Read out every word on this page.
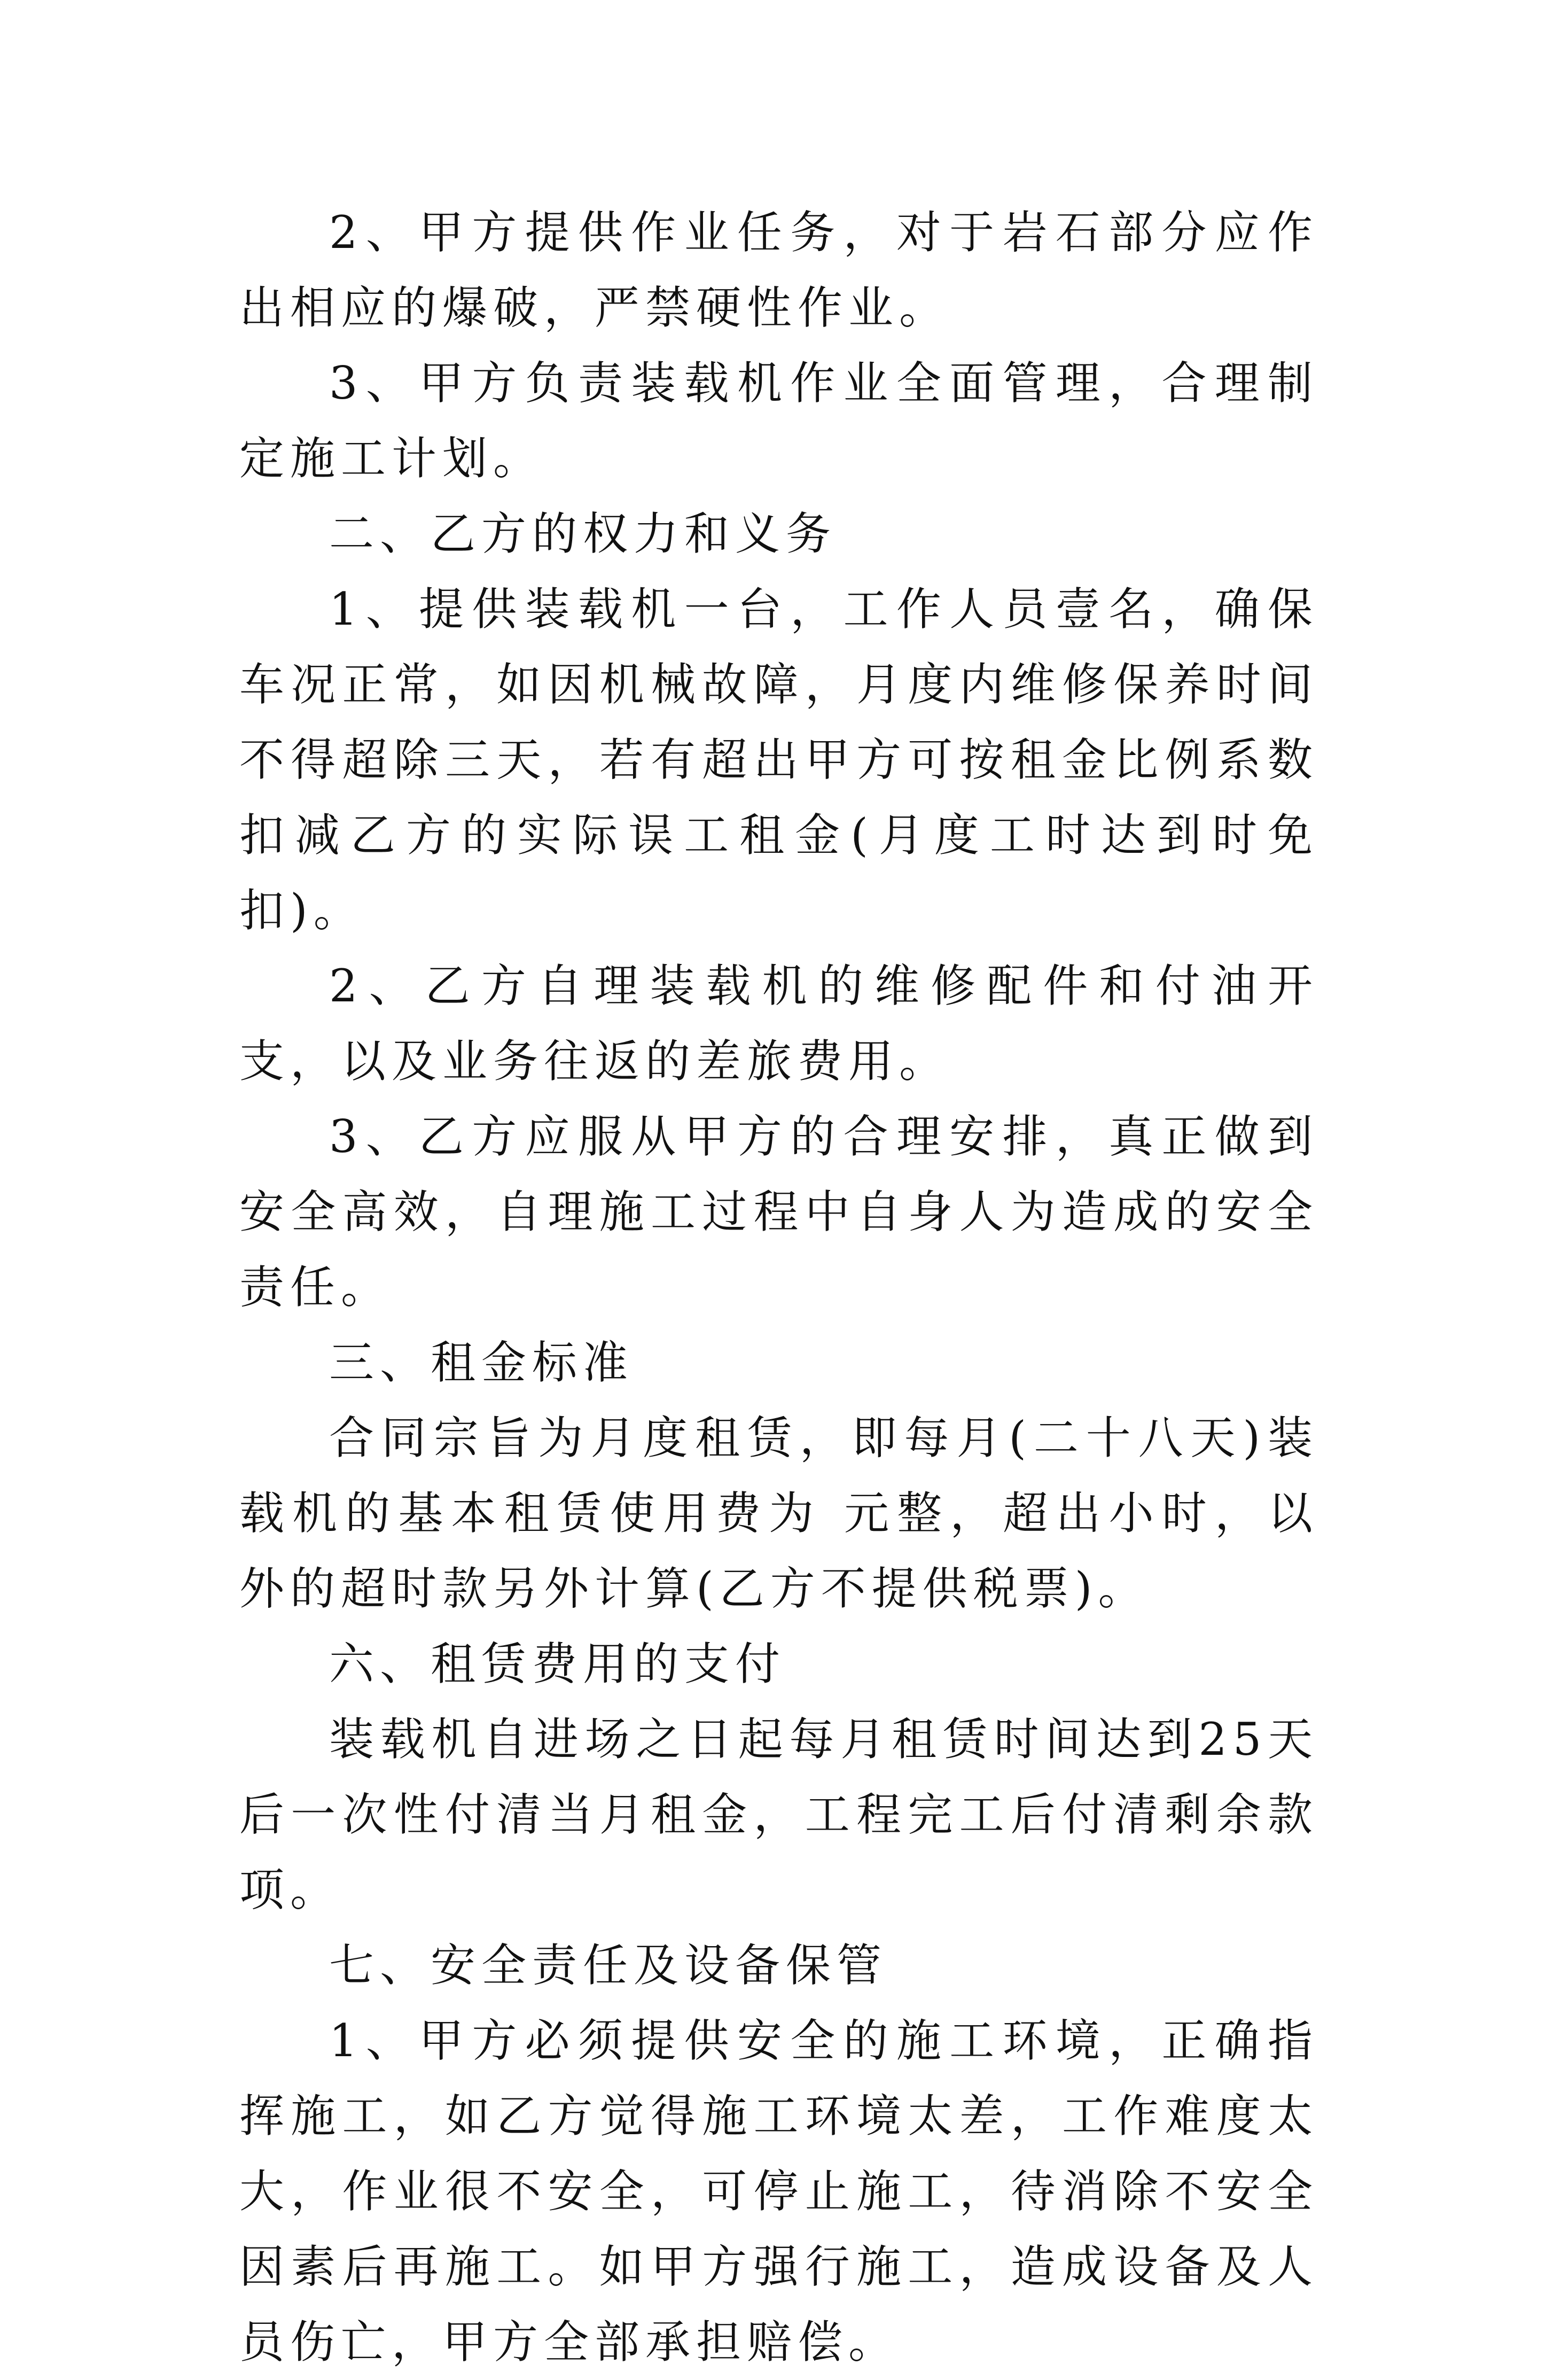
2、甲方提供作业任务，对于岩石部分应作出相应的爆破，严禁硬性作业。

3、甲方负责装载机作业全面管理，合理制定施工计划。

二、乙方的权力和义务

1、提供装载机一台，工作人员壹名，确保车况正常，如因机械故障，月度内维修保养时间不得超除三天，若有超出甲方可按租金比例系数扣减乙方的实际误工租金(月度工时达到时免扣)。

2、乙方自理装载机的维修配件和付油开支，以及业务往返的差旅费用。

3、乙方应服从甲方的合理安排，真正做到安全高效，自理施工过程中自身人为造成的安全责任。

三、租金标准

合同宗旨为月度租赁，即每月(二十八天)装载机的基本租赁使用费为 元整，超出小时，以外的超时款另外计算(乙方不提供税票)。

六、租赁费用的支付

装载机自进场之日起每月租赁时间达到25天后一次性付清当月租金，工程完工后付清剩余款项。

七、安全责任及设备保管

1、甲方必须提供安全的施工环境，正确指挥施工，如乙方觉得施工环境太差，工作难度太大，作业很不安全，可停止施工，待消除不安全因素后再施工。如甲方强行施工，造成设备及人员伤亡，甲方全部承担赔偿。
